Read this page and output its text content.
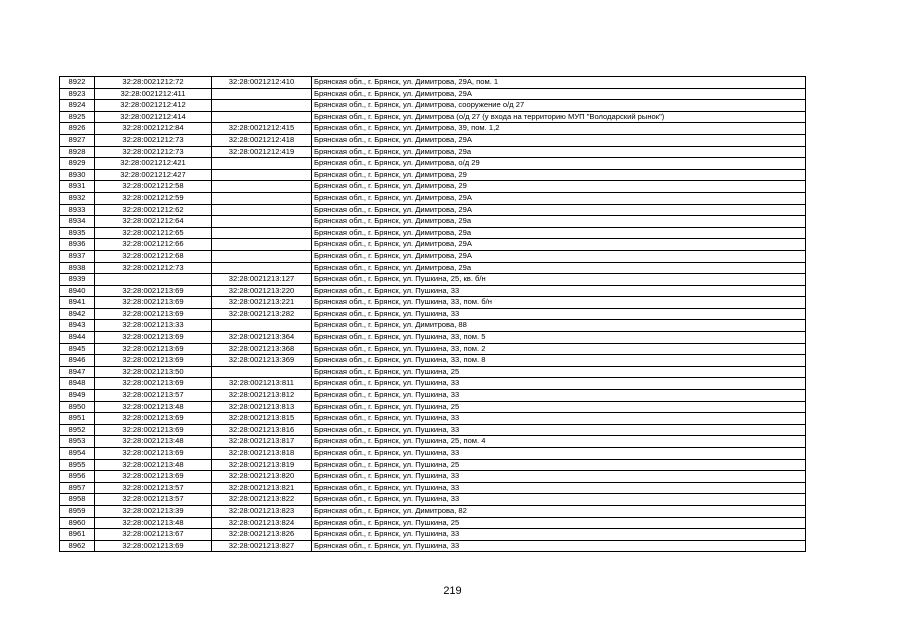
8922	32:28:0021212:72	32:28:0021212:410	Брянская обл., г. Брянск, ул. Димитрова, 29А, пом. 1
8923	32:28:0021212:411		Брянская обл., г. Брянск, ул. Димитрова, 29А
8924	32:28:0021212:412		Брянская обл., г. Брянск, ул. Димитрова, сооружение о/д 27
8925	32:28:0021212:414		Брянская обл., г. Брянск, ул. Димитрова (о/д 27 (у входа на территорию МУП "Володарский рынок")
8926	32:28:0021212:84	32:28:0021212:415	Брянская обл., г. Брянск, ул. Димитрова, 39, пом. 1,2
8927	32:28:0021212:73	32:28:0021212:418	Брянская обл., г. Брянск, ул. Димитрова, 29А
8928	32:28:0021212:73	32:28:0021212:419	Брянская обл., г. Брянск, ул. Димитрова, 29а
8929	32:28:0021212:421		Брянская обл., г. Брянск, ул. Димитрова, о/д 29
8930	32:28:0021212:427		Брянская обл., г. Брянск, ул. Димитрова, 29
8931	32:28:0021212:58		Брянская обл., г. Брянск, ул. Димитрова, 29
8932	32:28:0021212:59		Брянская обл., г. Брянск, ул. Димитрова, 29А
8933	32:28:0021212:62		Брянская обл., г. Брянск, ул. Димитрова, 29А
8934	32:28:0021212:64		Брянская обл., г. Брянск, ул. Димитрова, 29а
8935	32:28:0021212:65		Брянская обл., г. Брянск, ул. Димитрова, 29а
8936	32:28:0021212:66		Брянская обл., г. Брянск, ул. Димитрова, 29А
8937	32:28:0021212:68		Брянская обл., г. Брянск, ул. Димитрова, 29А
8938	32:28:0021212:73		Брянская обл., г. Брянск, ул. Димитрова, 29а
8939		32:28:0021213:127	Брянская обл., г. Брянск, ул. Пушкина, 25, кв. б/н
8940	32:28:0021213:69	32:28:0021213:220	Брянская обл., г. Брянск, ул. Пушкина, 33
8941	32:28:0021213:69	32:28:0021213:221	Брянская обл., г. Брянск, ул. Пушкина, 33, пом. б/н
8942	32:28:0021213:69	32:28:0021213:282	Брянская обл., г. Брянск, ул. Пушкина, 33
8943	32:28:0021213:33		Брянская обл., г. Брянск, ул. Димитрова, 88
8944	32:28:0021213:69	32:28:0021213:364	Брянская обл., г. Брянск, ул. Пушкина, 33, пом. 5
8945	32:28:0021213:69	32:28:0021213:368	Брянская обл., г. Брянск, ул. Пушкина, 33, пом. 2
8946	32:28:0021213:69	32:28:0021213:369	Брянская обл., г. Брянск, ул. Пушкина, 33, пом. 8
8947	32:28:0021213:50		Брянская обл., г. Брянск, ул. Пушкина, 25
8948	32:28:0021213:69	32:28:0021213:811	Брянская обл., г. Брянск, ул. Пушкина, 33
8949	32:28:0021213:57	32:28:0021213:812	Брянская обл., г. Брянск, ул. Пушкина, 33
8950	32:28:0021213:48	32:28:0021213:813	Брянская обл., г. Брянск, ул. Пушкина, 25
8951	32:28:0021213:69	32:28:0021213:815	Брянская обл., г. Брянск, ул. Пушкина, 33
8952	32:28:0021213:69	32:28:0021213:816	Брянская обл., г. Брянск, ул. Пушкина, 33
8953	32:28:0021213:48	32:28:0021213:817	Брянская обл., г. Брянск, ул. Пушкина, 25, пом. 4
8954	32:28:0021213:69	32:28:0021213:818	Брянская обл., г. Брянск, ул. Пушкина, 33
8955	32:28:0021213:48	32:28:0021213:819	Брянская обл., г. Брянск, ул. Пушкина, 25
8956	32:28:0021213:69	32:28:0021213:820	Брянская обл., г. Брянск, ул. Пушкина, 33
8957	32:28:0021213:57	32:28:0021213:821	Брянская обл., г. Брянск, ул. Пушкина, 33
8958	32:28:0021213:57	32:28:0021213:822	Брянская обл., г. Брянск, ул. Пушкина, 33
8959	32:28:0021213:39	32:28:0021213:823	Брянская обл., г. Брянск, ул. Димитрова, 82
8960	32:28:0021213:48	32:28:0021213:824	Брянская обл., г. Брянск, ул. Пушкина, 25
8961	32:28:0021213:67	32:28:0021213:826	Брянская обл., г. Брянск, ул. Пушкина, 33
8962	32:28:0021213:69	32:28:0021213:827	Брянская обл., г. Брянск, ул. Пушкина, 33
219
